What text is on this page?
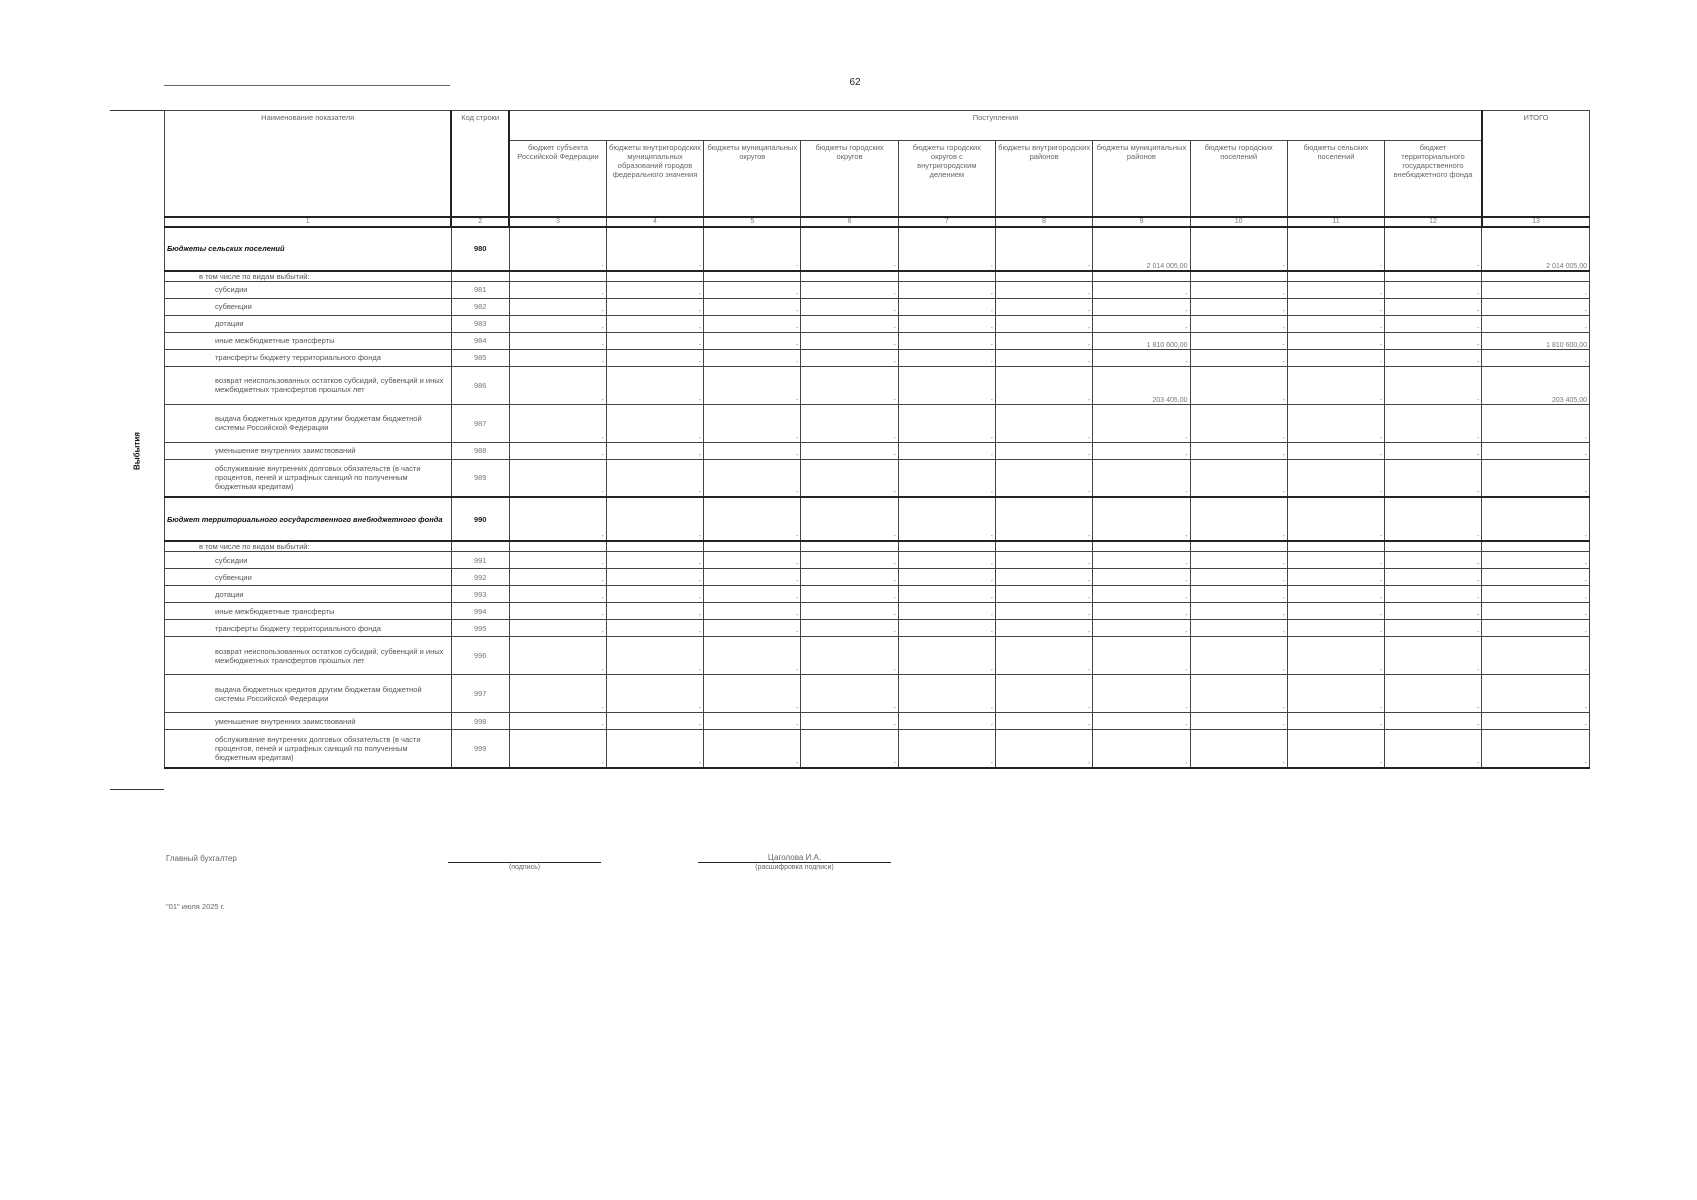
62
Выбытия
Наименование показателя	Код строки	Поступления										ИТОГО
		бюджет субъекта Российской Федерации	бюджеты внутригородских муниципальных образований городов федерального значения	бюджеты муниципальных округов	бюджеты городских округов	бюджеты городских округов с внутригородским делением	бюджеты внутригородских районов	бюджеты муниципальных районов	бюджеты городских поселений	бюджеты сельских поселений	бюджет территориального государственного внебюджетного фонда	
1	2	3	4	5	6	7	8	9	10	11	12	13
Бюджеты сельских поселений	980	-	-	-	-	-	-	2 014 005,00	-	-	-	2 014 005,00
в том числе по видам выбытий:												
субсидии	981	-	-	-	-	-	-	-	-	-	-	-
субвенции	982	-	-	-	-	-	-	-	-	-	-	-
дотации	983	-	-	-	-	-	-	-	-	-	-	-
иные межбюджетные трансферты	984	-	-	-	-	-	-	1 810 600,00	-	-	-	1 810 600,00
трансферты бюджету территориального фонда	985	-	-	-	-	-	-	-	-	-	-	-
возврат неиспользованных остатков субсидий, субвенций и иных межбюджетных трансфертов прошлых лет	986	-	-	-	-	-	-	203 405,00	-	-	-	203 405,00
выдача бюджетных кредитов другим бюджетам бюджетной системы Российской Федерации	987	-	-	-	-	-	-	-	-	-	-	-
уменьшение внутренних заимствований	988	-	-	-	-	-	-	-	-	-	-	-
обслуживание внутренних долговых обязательств (в части процентов, пеней и штрафных санкций по полученным бюджетным кредитам)	989	-	-	-	-	-	-	-	-	-	-	-
Бюджет территориального государственного внебюджетного фонда	990	-	-	-	-	-	-	-	-	-	-	-
в том числе по видам выбытий:												
субсидии	991	-	-	-	-	-	-	-	-	-	-	-
субвенции	992	-	-	-	-	-	-	-	-	-	-	-
дотации	993	-	-	-	-	-	-	-	-	-	-	-
иные межбюджетные трансферты	994	-	-	-	-	-	-	-	-	-	-	-
трансферты бюджету территориального фонда	995	-	-	-	-	-	-	-	-	-	-	-
возврат неиспользованных остатков субсидий, субвенций и иных межбюджетных трансфертов прошлых лет	996	-	-	-	-	-	-	-	-	-	-	-
выдача бюджетных кредитов другим бюджетам бюджетной системы Российской Федерации	997	-	-	-	-	-	-	-	-	-	-	-
уменьшение внутренних заимствований	998	-	-	-	-	-	-	-	-	-	-	-
обслуживание внутренних долговых обязательств (в части процентов, пеней и штрафных санкций по полученным бюджетным кредитам)	999	-	-	-	-	-	-	-	-	-	-	-
Главный бухгалтер
(подпись)
Цаголова И.А.
(расшифровка подписи)
"01" июля 2025 г.
